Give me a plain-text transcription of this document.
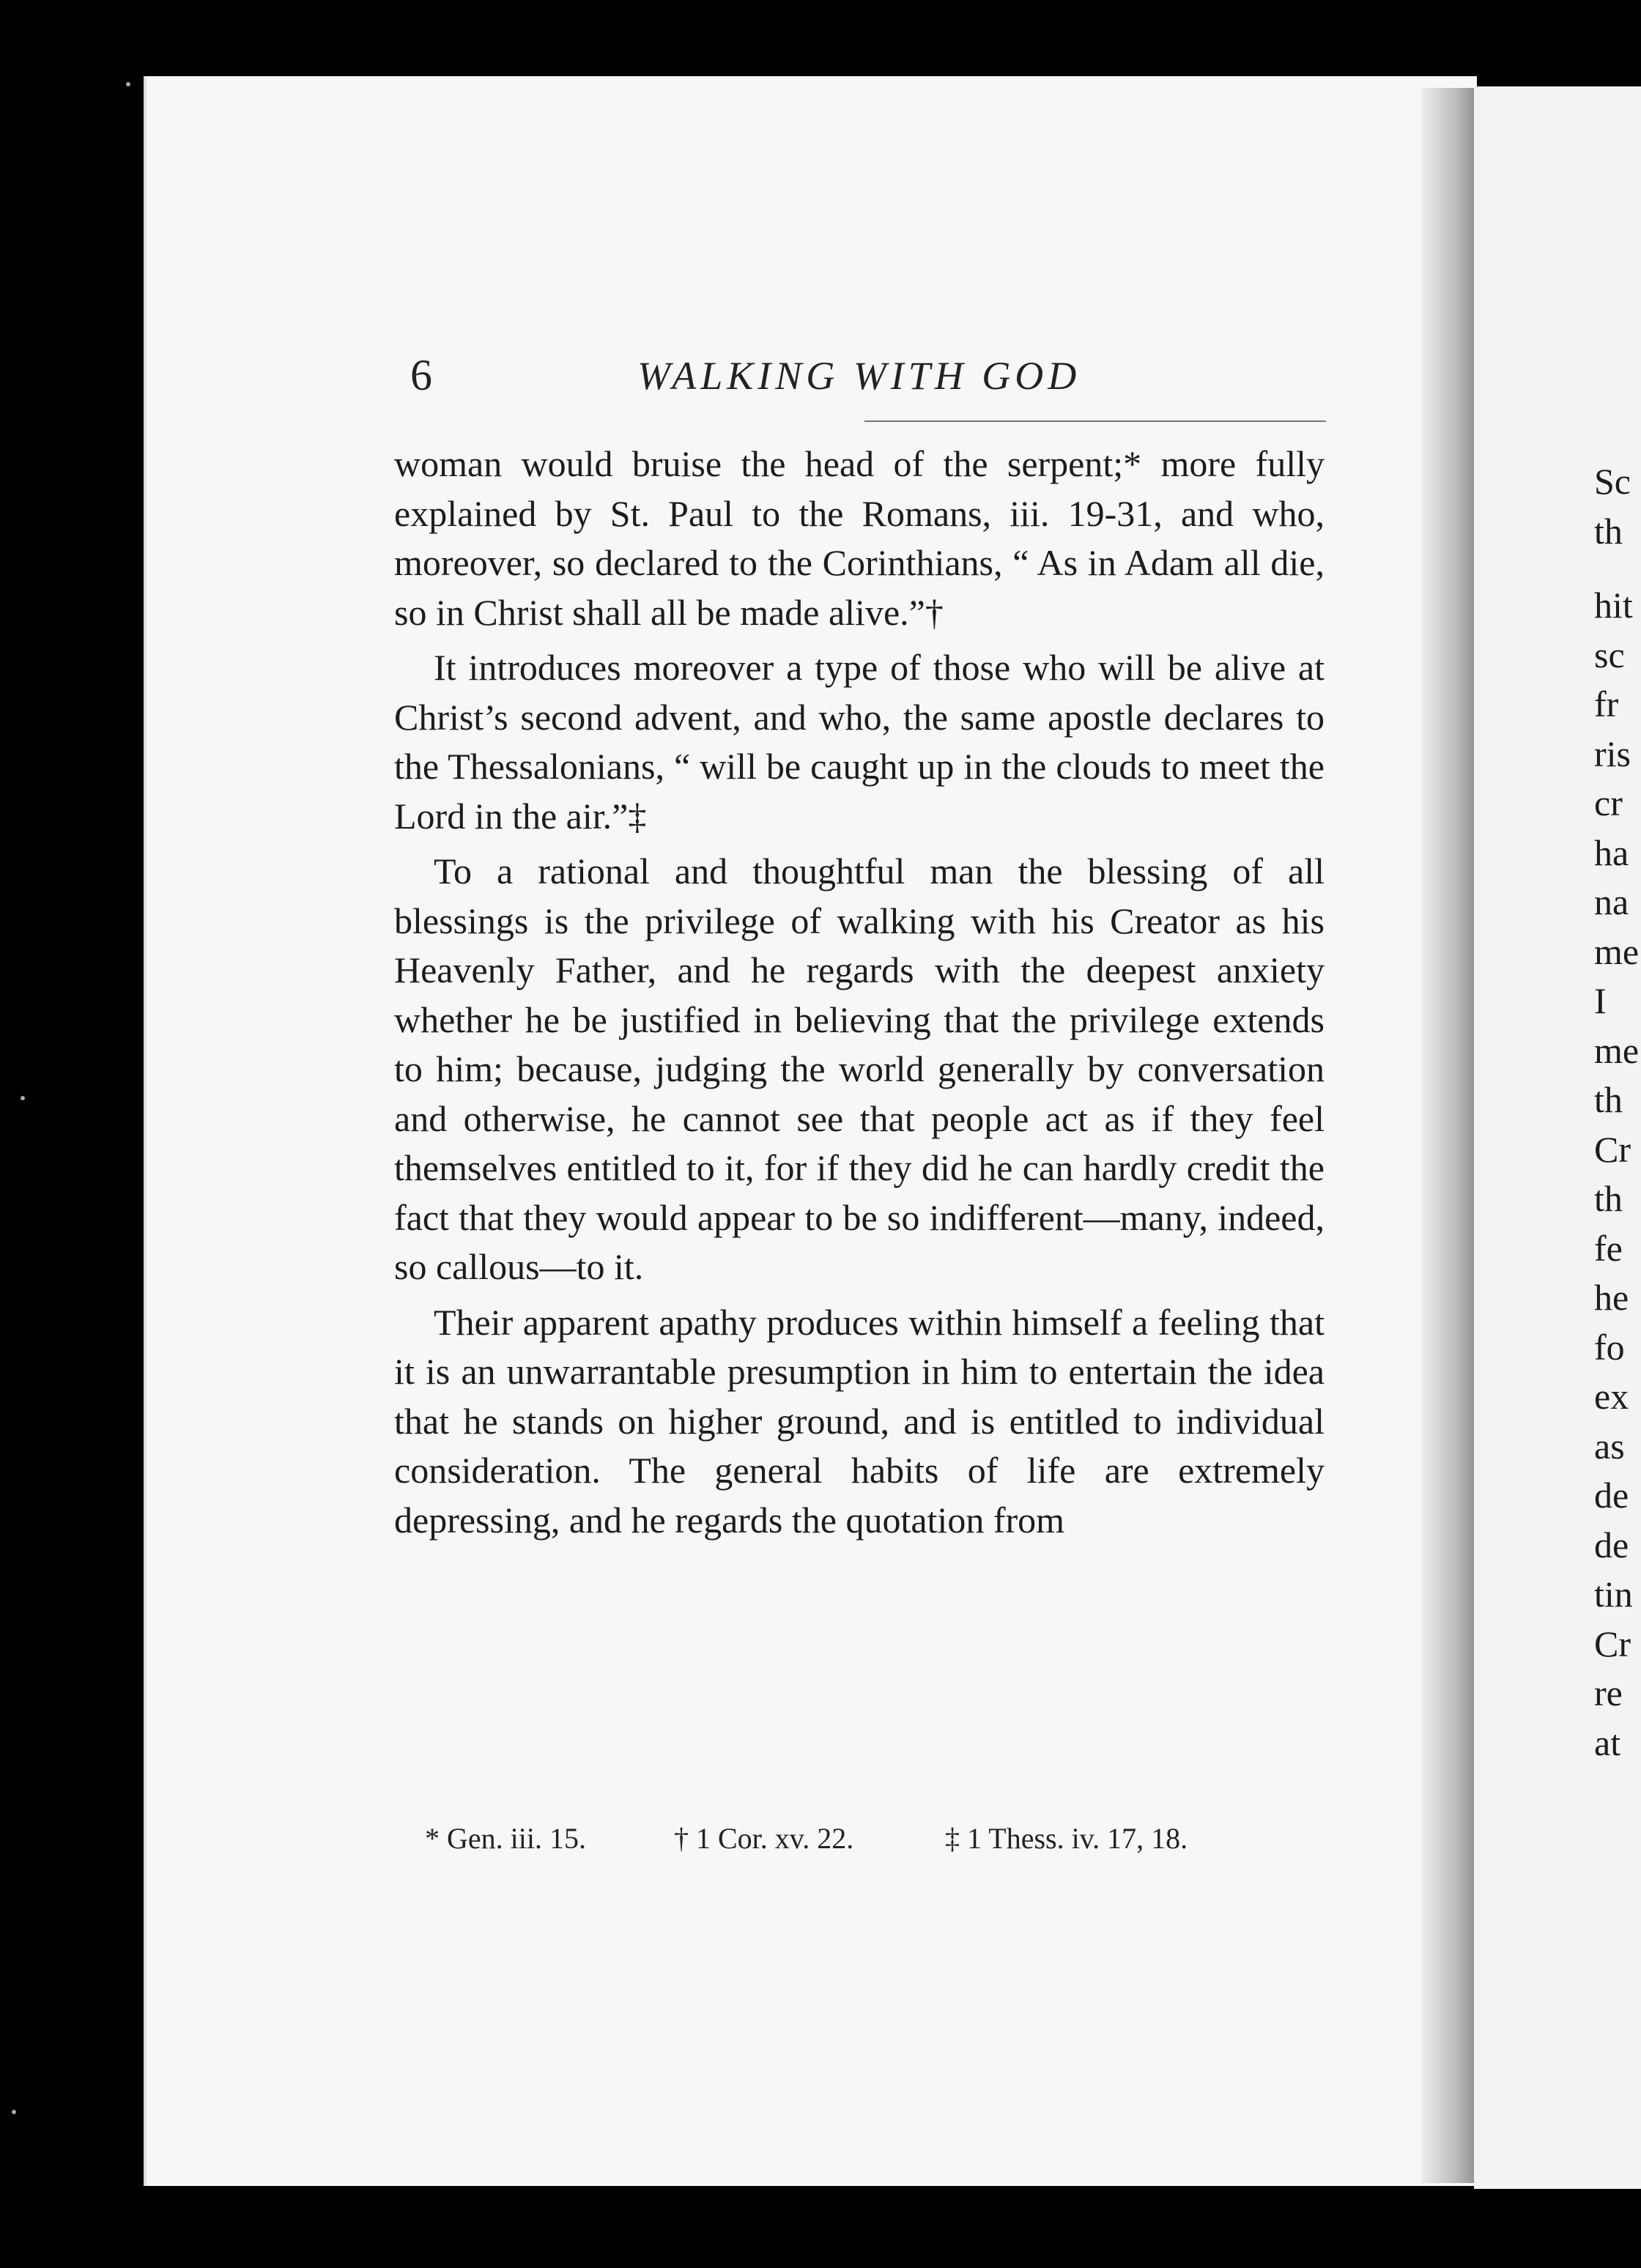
6	WALKING WITH GOD

woman would bruise the head of the serpent;* more fully explained by St. Paul to the Romans, iii. 19-31, and who, moreover, so declared to the Corinthians, “ As in Adam all die, so in Christ shall all be made alive.”†

It introduces moreover a type of those who will be alive at Christ’s second advent, and who, the same apostle declares to the Thessalonians, “ will be caught up in the clouds to meet the Lord in the air.”‡

To a rational and thoughtful man the blessing of all blessings is the privilege of walking with his Creator as his Heavenly Father, and he regards with the deepest anxiety whether he be justified in believing that the privilege extends to him; because, judging the world generally by conversation and otherwise, he cannot see that people act as if they feel themselves entitled to it, for if they did he can hardly credit the fact that they would appear to be so indifferent—many, indeed, so callous—to it.

Their apparent apathy produces within himself a feeling that it is an unwarrantable presumption in him to entertain the idea that he stands on higher ground, and is entitled to individual consideration. The general habits of life are extremely depressing, and he regards the quotation from

* Gen. iii. 15.	† 1 Cor. xv. 22.	‡ 1 Thess. iv. 17, 18.
Sc
th
hit
sc
fr
ris
cr
ha
na
me
I
me
th
Cr
th
fe
he
fo
ex
as
de
de
tin
Cr
re
at
